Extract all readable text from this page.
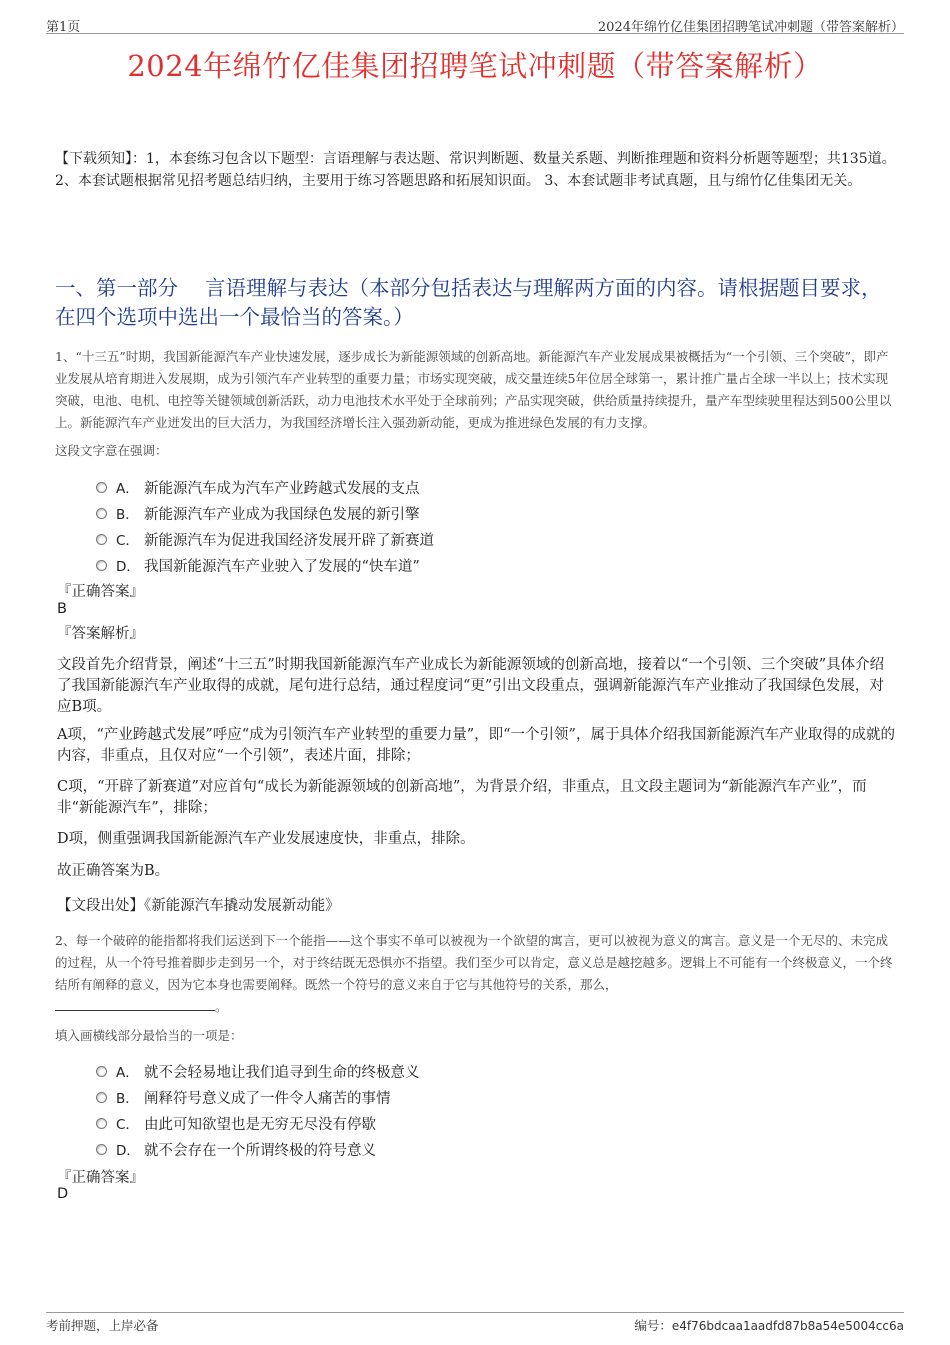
第1页	2024年绵竹亿佳集团招聘笔试冲刺题（带答案解析）
2024年绵竹亿佳集团招聘笔试冲刺题（带答案解析）
【下载须知】：1，本套练习包含以下题型：言语理解与表达题、常识判断题、数量关系题、判断推理题和资料分析题等题型；共135道。 2、本套试题根据常见招考题总结归纳，主要用于练习答题思路和拓展知识面。 3、本套试题非考试真题，且与绵竹亿佳集团无关。
一、第一部分　 言语理解与表达（本部分包括表达与理解两方面的内容。请根据题目要求，在四个选项中选出一个最恰当的答案。）
1、“十三五”时期，我国新能源汽车产业快速发展，逐步成长为新能源领域的创新高地。新能源汽车产业发展成果被概括为“一个引领、三个突破”，即产业发展从培育期进入发展期，成为引领汽车产业转型的重要力量；市场实现突破，成交量连续5年位居全球第一，累计推广量占全球一半以上；技术实现突破，电池、电机、电控等关键领域创新活跃，动力电池技术水平处于全球前列；产品实现突破，供给质量持续提升，量产车型续驶里程达到500公里以上。新能源汽车产业迸发出的巨大活力，为我国经济增长注入强劲新动能，更成为推进绿色发展的有力支撑。
这段文字意在强调：
A． 新能源汽车成为汽车产业跨越式发展的支点
B． 新能源汽车产业成为我国绿色发展的新引擎
C． 新能源汽车为促进我国经济发展开辟了新赛道
D． 我国新能源汽车产业驶入了发展的“快车道”
『正确答案』
B
『答案解析』
文段首先介绍背景，阐述“十三五”时期我国新能源汽车产业成长为新能源领域的创新高地，接着以“一个引领、三个突破”具体介绍了我国新能源汽车产业取得的成就，尾句进行总结，通过程度词“更”引出文段重点，强调新能源汽车产业推动了我国绿色发展，对应B项。
A项，“产业跨越式发展”呼应“成为引领汽车产业转型的重要力量”，即“一个引领”，属于具体介绍我国新能源汽车产业取得的成就的内容，非重点，且仅对应“一个引领”，表述片面，排除；
C项，“开辟了新赛道”对应首句“成长为新能源领域的创新高地”，为背景介绍，非重点，且文段主题词为“新能源汽车产业”，而非“新能源汽车”，排除；
D项，侧重强调我国新能源汽车产业发展速度快，非重点，排除。
故正确答案为B。
【文段出处】《新能源汽车撬动发展新动能》
2、每一个破碎的能指都将我们运送到下一个能指——这个事实不单可以被视为一个欲望的寓言，更可以被视为意义的寓言。意义是一个无尽的、未完成的过程，从一个符号推着脚步走到另一个，对于终结既无恐惧亦不指望。我们至少可以肯定，意义总是越挖越多。逻辑上不可能有一个终极意义，一个终结所有阐释的意义，因为它本身也需要阐释。既然一个符号的意义来自于它与其他符号的关系，那么，
。
填入画横线部分最恰当的一项是：
A． 就不会轻易地让我们追寻到生命的终极意义
B． 阐释符号意义成了一件令人痛苦的事情
C． 由此可知欲望也是无穷无尽没有停歇
D． 就不会存在一个所谓终极的符号意义
『正确答案』
D
考前押题，上岸必备	编号：e4f76bdcaa1aadfd87b8a54e5004cc6a
